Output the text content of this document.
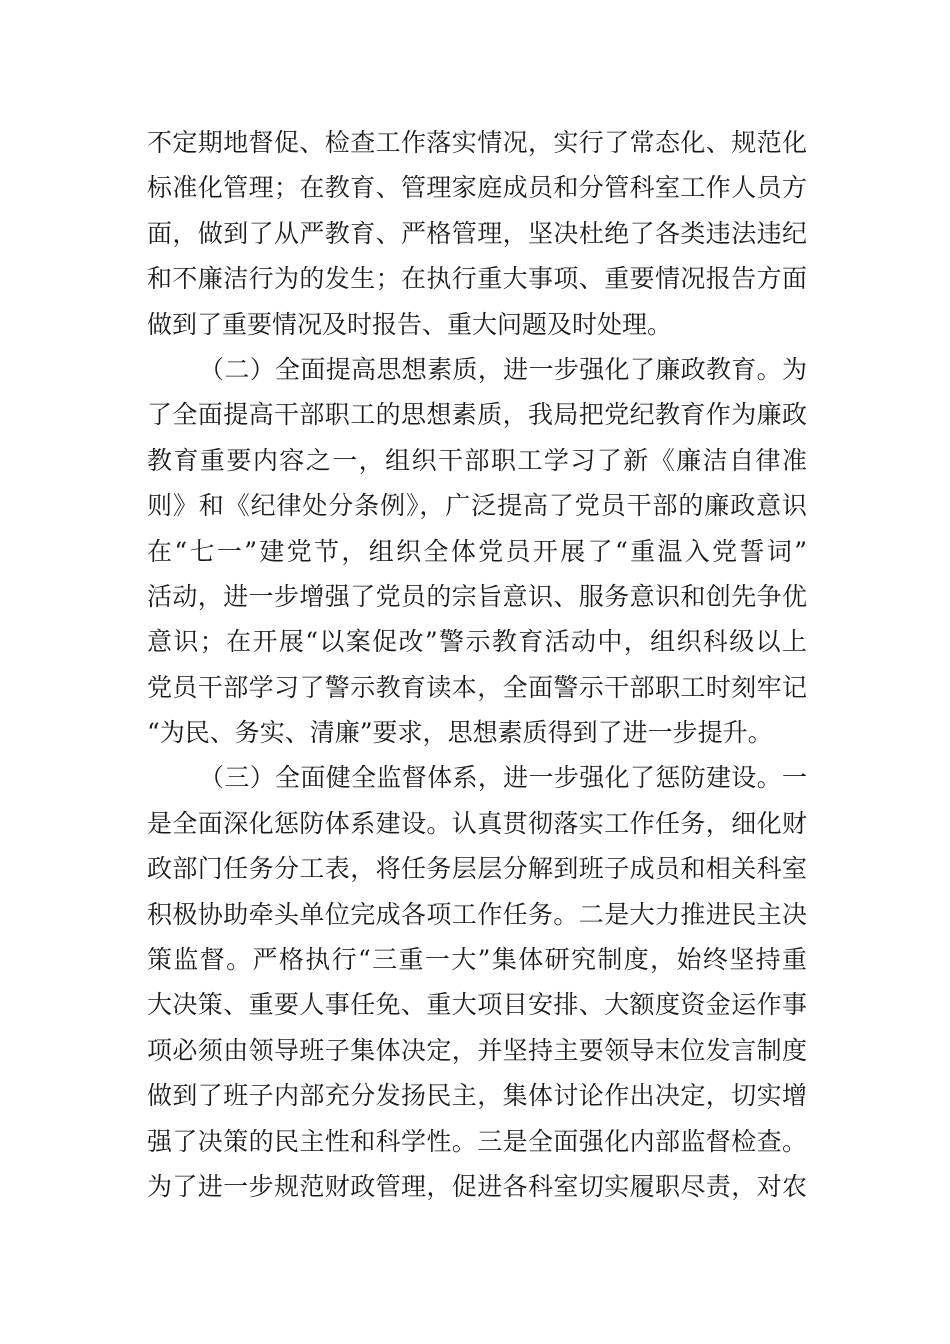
不定期地督促、检查工作落实情况，实行了常态化、规范化
标准化管理；在教育、管理家庭成员和分管科室工作人员方
面，做到了从严教育、严格管理，坚决杜绝了各类违法违纪
和不廉洁行为的发生；在执行重大事项、重要情况报告方面
做到了重要情况及时报告、重大问题及时处理。
（二）全面提高思想素质，进一步强化了廉政教育。为
了全面提高干部职工的思想素质，我局把党纪教育作为廉政
教育重要内容之一，组织干部职工学习了新《廉洁自律准
则》和《纪律处分条例》，广泛提高了党员干部的廉政意识
在“七一”建党节，组织全体党员开展了“重温入党誓词”
活动，进一步增强了党员的宗旨意识、服务意识和创先争优
意识；在开展“以案促改”警示教育活动中，组织科级以上
党员干部学习了警示教育读本，全面警示干部职工时刻牢记
“为民、务实、清廉”要求，思想素质得到了进一步提升。
（三）全面健全监督体系，进一步强化了惩防建设。一
是全面深化惩防体系建设。认真贯彻落实工作任务，细化财
政部门任务分工表，将任务层层分解到班子成员和相关科室
积极协助牵头单位完成各项工作任务。二是大力推进民主决
策监督。严格执行“三重一大”集体研究制度，始终坚持重
大决策、重要人事任免、重大项目安排、大额度资金运作事
项必须由领导班子集体决定，并坚持主要领导末位发言制度
做到了班子内部充分发扬民主，集体讨论作出决定，切实增
强了决策的民主性和科学性。三是全面强化内部监督检查。
为了进一步规范财政管理，促进各科室切实履职尽责，对农
